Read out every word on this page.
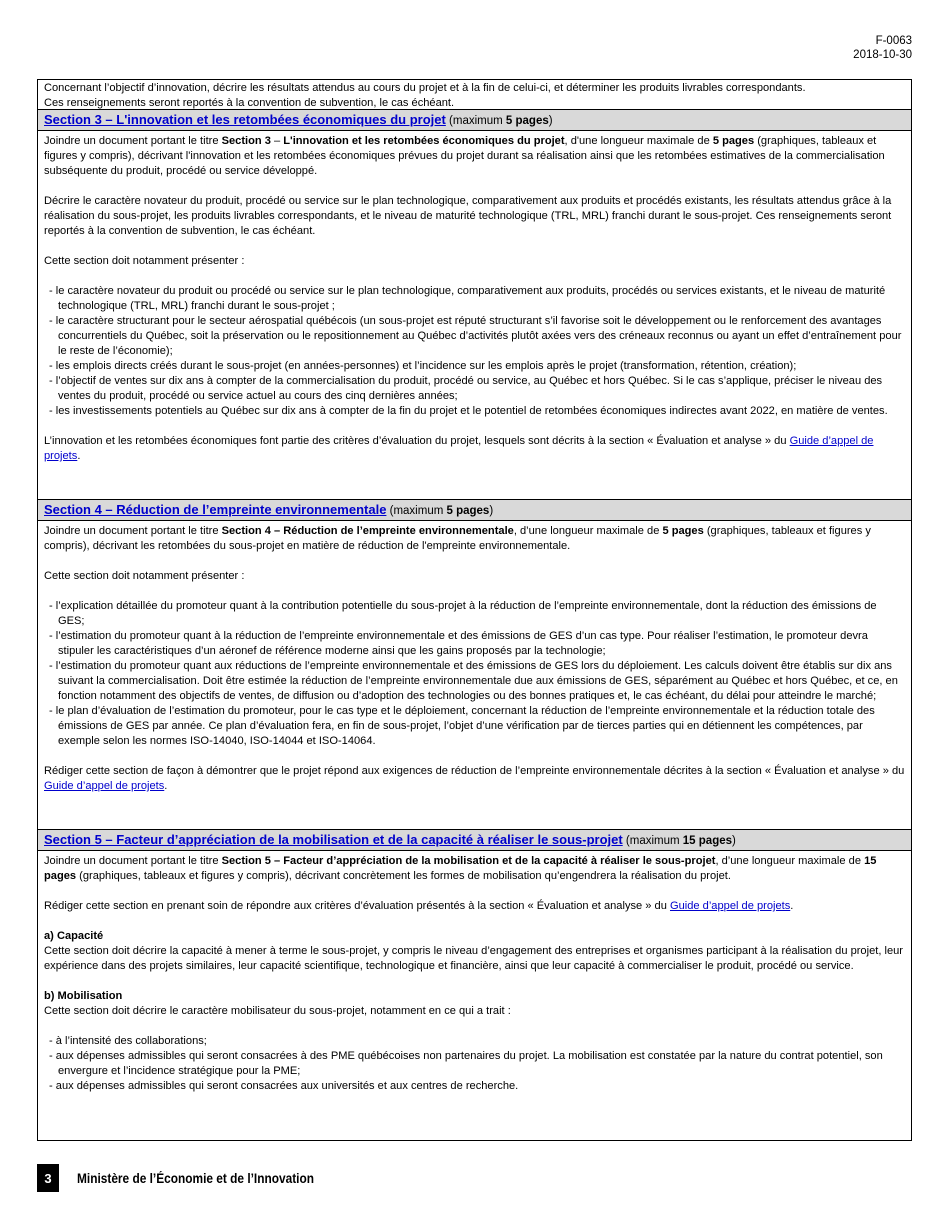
F-0063
2018-10-30

Concernant l’objectif d’innovation, décrire les résultats attendus au cours du projet et à la fin de celui-ci, et déterminer les produits livrables correspondants.

Ces renseignements seront reportés à la convention de subvention, le cas échéant.

Section 3 – L'innovation et les retombées économiques du projet (maximum 5 pages)

Joindre un document portant le titre Section 3 – L'innovation et les retombées économiques du projet, d'une longueur maximale de 5 pages (graphiques, tableaux et figures y compris), décrivant l'innovation et les retombées économiques prévues du projet durant sa réalisation ainsi que les retombées estimatives de la commercialisation subséquente du produit, procédé ou service développé.

Décrire le caractère novateur du produit, procédé ou service sur le plan technologique, comparativement aux produits et procédés existants, les résultats attendus grâce à la réalisation du sous-projet, les produits livrables correspondants, et le niveau de maturité technologique (TRL, MRL) franchi durant le sous-projet. Ces renseignements seront reportés à la convention de subvention, le cas échéant.

Cette section doit notamment présenter :

- le caractère novateur du produit ou procédé ou service sur le plan technologique, comparativement aux produits, procédés ou services existants, et le niveau de maturité technologique (TRL, MRL) franchi durant le sous-projet ;
- le caractère structurant pour le secteur aérospatial québécois (un sous-projet est réputé structurant s’il favorise soit le développement ou le renforcement des avantages concurrentiels du Québec, soit la préservation ou le repositionnement au Québec d’activités plutôt axées vers des créneaux reconnus ou ayant un effet d’entraînement pour le reste de l’économie);
- les emplois directs créés durant le sous-projet (en années-personnes) et l’incidence sur les emplois après le projet (transformation, rétention, création);
- l’objectif de ventes sur dix ans à compter de la commercialisation du produit, procédé ou service, au Québec et hors Québec. Si le cas s’applique, préciser le niveau des ventes du produit, procédé ou service actuel au cours des cinq dernières années;
- les investissements potentiels au Québec sur dix ans à compter de la fin du projet et le potentiel de retombées économiques indirectes avant 2022, en matière de ventes.

L’innovation et les retombées économiques font partie des critères d’évaluation du projet, lesquels sont décrits à la section « Évaluation et analyse » du Guide d’appel de projets.

Section 4 – Réduction de l’empreinte environnementale (maximum 5 pages)

Joindre un document portant le titre Section 4 – Réduction de l’empreinte environnementale, d’une longueur maximale de 5 pages (graphiques, tableaux et figures y compris), décrivant les retombées du sous-projet en matière de réduction de l'empreinte environnementale.

Cette section doit notamment présenter :

- l’explication détaillée du promoteur quant à la contribution potentielle du sous-projet à la réduction de l’empreinte environnementale, dont la réduction des émissions de GES;
- l’estimation du promoteur quant à la réduction de l’empreinte environnementale et des émissions de GES d’un cas type. Pour réaliser l’estimation, le promoteur devra stipuler les caractéristiques d’un aéronef de référence moderne ainsi que les gains proposés par la technologie;
- l’estimation du promoteur quant aux réductions de l’empreinte environnementale et des émissions de GES lors du déploiement. Les calculs doivent être établis sur dix ans suivant la commercialisation. Doit être estimée la réduction de l’empreinte environnementale due aux émissions de GES, séparément au Québec et hors Québec, et ce, en fonction notamment des objectifs de ventes, de diffusion ou d’adoption des technologies ou des bonnes pratiques et, le cas échéant, du délai pour atteindre le marché;
- le plan d’évaluation de l’estimation du promoteur, pour le cas type et le déploiement, concernant la réduction de l’empreinte environnementale et la réduction totale des émissions de GES par année. Ce plan d’évaluation fera, en fin de sous-projet, l’objet d’une vérification par de tierces parties qui en détiennent les compétences, par exemple selon les normes ISO-14040, ISO-14044 et ISO-14064.

Rédiger cette section de façon à démontrer que le projet répond aux exigences de réduction de l’empreinte environnementale décrites à la section « Évaluation et analyse » du Guide d’appel de projets.

Section 5 – Facteur d’appréciation de la mobilisation et de la capacité à réaliser le sous-projet (maximum 15 pages)

Joindre un document portant le titre Section 5 – Facteur d’appréciation de la mobilisation et de la capacité à réaliser le sous-projet, d’une longueur maximale de 15 pages (graphiques, tableaux et figures y compris), décrivant concrètement les formes de mobilisation qu’engendrera la réalisation du projet.

Rédiger cette section en prenant soin de répondre aux critères d’évaluation présentés à la section « Évaluation et analyse » du Guide d’appel de projets.

a) Capacité

Cette section doit décrire la capacité à mener à terme le sous-projet, y compris le niveau d’engagement des entreprises et organismes participant à la réalisation du projet, leur expérience dans des projets similaires, leur capacité scientifique, technologique et financière, ainsi que leur capacité à commercialiser le produit, procédé ou service.

b) Mobilisation

Cette section doit décrire le caractère mobilisateur du sous-projet, notamment en ce qui a trait :

- à l’intensité des collaborations;
- aux dépenses admissibles qui seront consacrées à des PME québécoises non partenaires du projet. La mobilisation est constatée par la nature du contrat potentiel, son envergure et l’incidence stratégique pour la PME;
- aux dépenses admissibles qui seront consacrées aux universités et aux centres de recherche.
3	Ministère de l’Économie et de l’Innovation
